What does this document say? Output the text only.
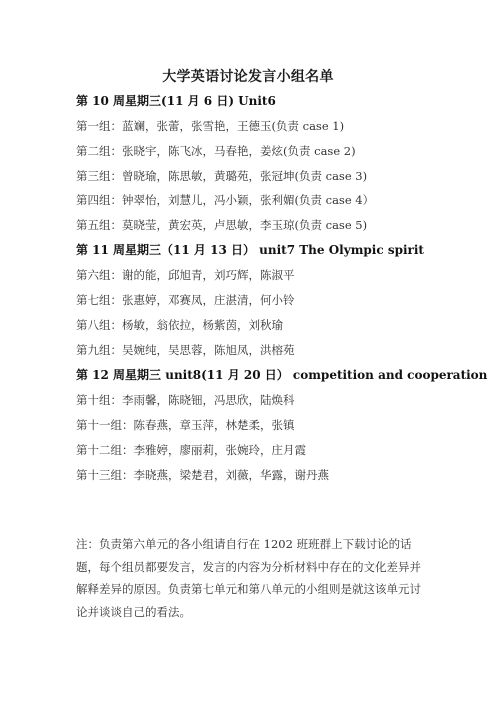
大学英语讨论发言小组名单
第 10 周星期三(11 月 6 日) Unit6
第一组：蓝斓，张蕾，张雪艳，王德玉(负责 case 1)
第二组：张晓宇，陈飞冰，马春艳，姜炫(负责 case 2)
第三组：曾晓瑜，陈思敏，黄璐苑，张冠坤(负责 case 3)
第四组：钟翠怡，刘慧儿，冯小颖，张利媚(负责 case 4）
第五组：莫晓莹，黄宏英，卢思敏，李玉琼(负责 case 5)
第 11 周星期三（11 月 13 日） unit7 The Olympic spirit
第六组：谢的能，邱旭青，刘巧辉，陈淑平
第七组：张惠婷，邓赛凤，庄湛清，何小铃
第八组：杨敏，翁依拉，杨紫茵，刘秋瑜
第九组：吴婉纯，吴思蓉，陈旭凤，洪榕苑
第 12 周星期三 unit8(11 月 20 日） competition and cooperation
第十组：李雨馨，陈晓钿，冯思欣，陆焕科
第十一组：陈春燕，章玉萍，林楚柔，张镇
第十二组：李雅婷，廖丽莉，张婉玲，庄月霞
第十三组：李晓燕，梁楚君，刘薇，华露，谢丹燕
注：负责第六单元的各小组请自行在 1202 班班群上下载讨论的话题，每个组员都要发言，发言的内容为分析材料中存在的文化差异并解释差异的原因。负责第七单元和第八单元的小组则是就这该单元讨论并谈谈自己的看法。
